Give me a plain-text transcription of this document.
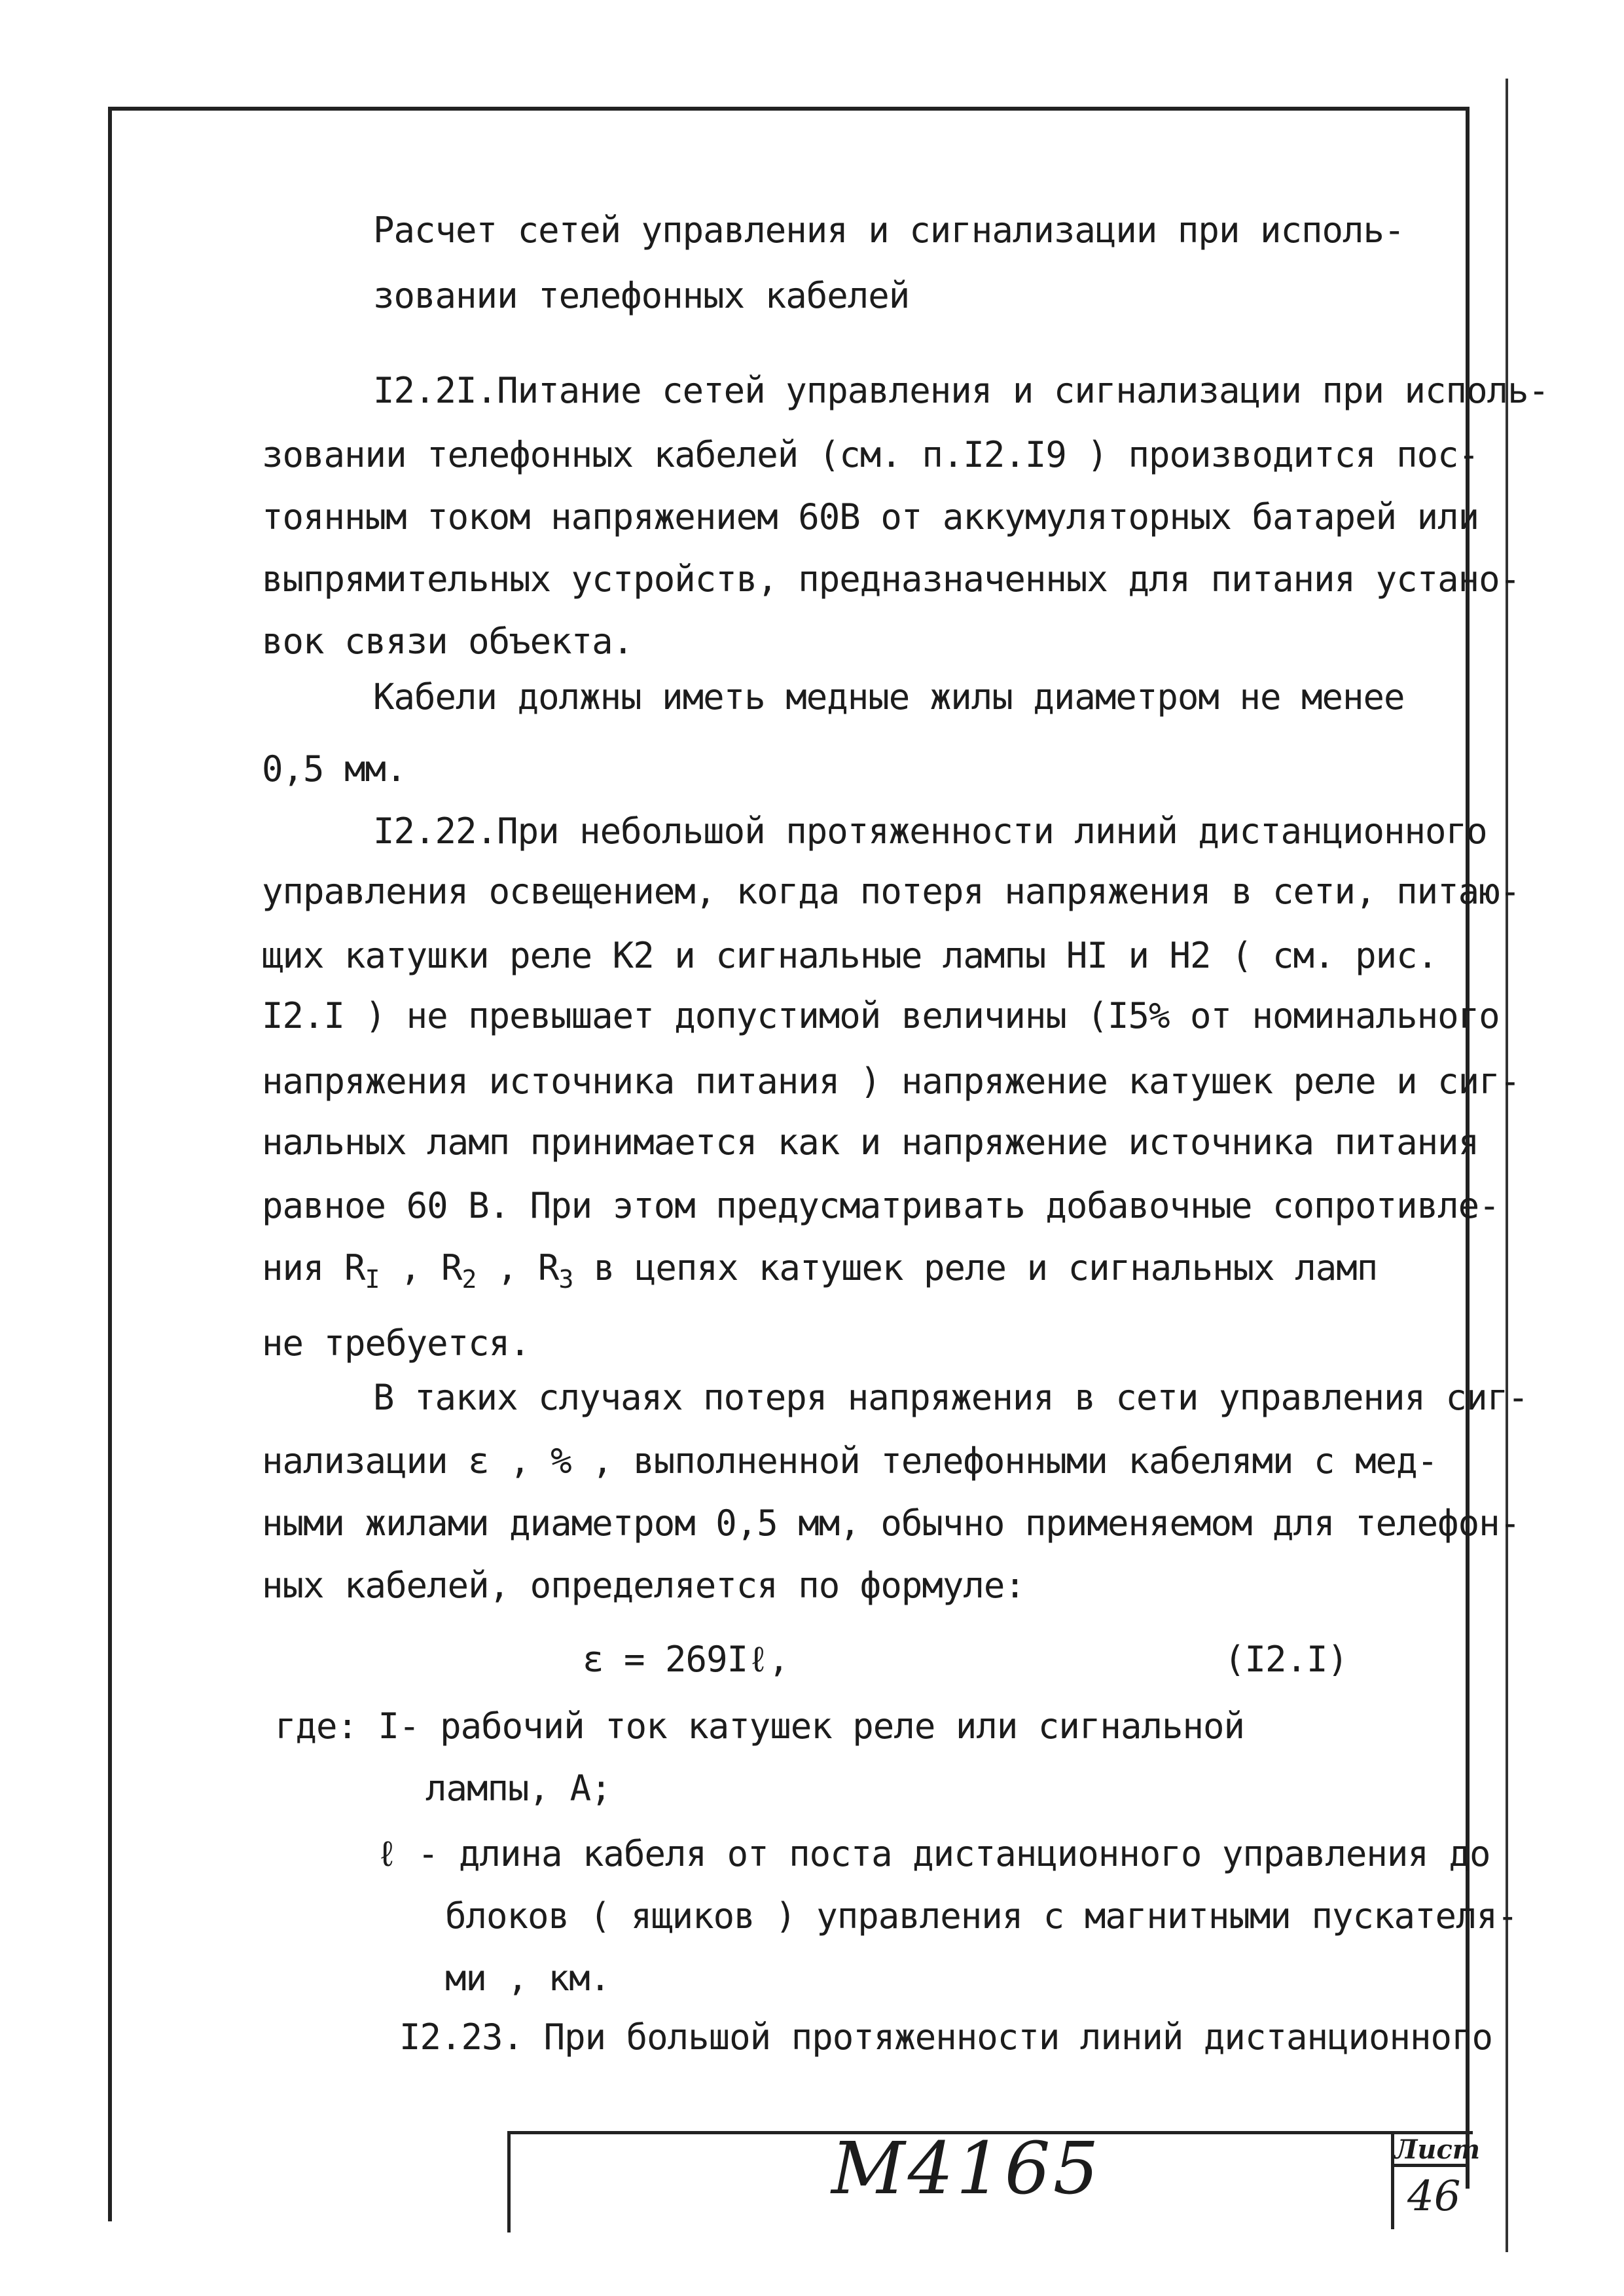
Расчет сетей управления и сигнализации при исполь-
зовании телефонных кабелей
I2.2I.Питание сетей управления и сигнализации при исполь-
зовании телефонных кабелей (см. п.I2.I9 ) производится пос-
тоянным током напряжением 60В от аккумуляторных батарей или
выпрямительных устройств, предназначенных для питания устано-
вок связи объекта.
Кабели должны иметь медные жилы диаметром не менее
0,5 мм.
I2.22.При небольшой протяженности линий дистанционного
управления освещением, когда потеря напряжения в сети, питаю-
щих катушки реле К2 и сигнальные лампы НI и Н2 ( см. рис.
I2.I ) не превышает допустимой величины (I5% от номинального
напряжения источника питания ) напряжение катушек реле и сиг-
нальных ламп принимается как и напряжение источника питания
равное 60 В. При этом предусматривать добавочные сопротивле-
не требуется.
В таких случаях потеря напряжения в сети управления сиг-
нализации ε , % , выполненной телефонными кабелями с мед-
ными жилами диаметром 0,5 мм, обычно применяемом для телефон-
ных кабелей, определяется по формуле:
ε = 269Iℓ,	(I2.I)
где: I- рабочий ток катушек реле или сигнальной
лампы, А;
ℓ - длина кабеля от поста дистанционного управления до
блоков ( ящиков ) управления с магнитными пускателя-
ми , км.
I2.23. При большой протяженности линий дистанционного
ния $R_I$ , $R_2$ , $R_3$ в цепях катушек реле и сигнальных ламп
М4165	Лист
46
